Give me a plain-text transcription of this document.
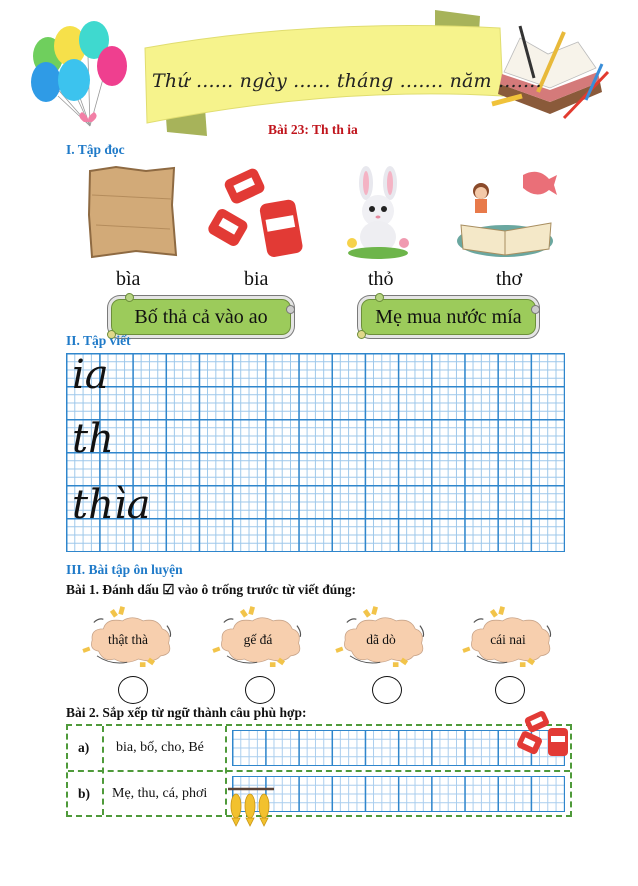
Thứ ...... ngày ...... tháng ....... năm .......
Bài 23: Th th ia
I. Tập đọc
bìa	bia	thỏ	thơ
Bố thả cả vào ao	Mẹ mua nước mía
II. Tập viết
ia
th
thìa
III. Bài tập ôn luyện
Bài 1. Đánh dấu ☑ vào ô trống trước từ viết đúng:
thật thà	gế đá	dã dò	cái nai
Bài 2. Sắp xếp từ ngữ thành câu phù hợp:
a) bia, bố, cho, Bé
b) Mẹ, thu, cá, phơi
